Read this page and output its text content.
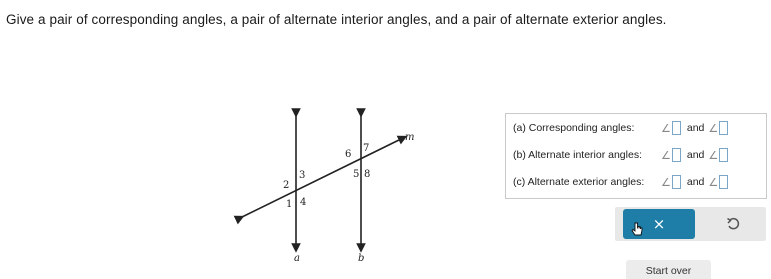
Give a pair of corresponding angles, a pair of alternate interior angles, and a pair of alternate exterior angles.
m
a	b
1
2
3
4
5
6
7
8
(a) Corresponding angles:	∠ and ∠
(b) Alternate interior angles:	∠ and ∠
(c) Alternate exterior angles:	∠ and ∠
×
Start over
